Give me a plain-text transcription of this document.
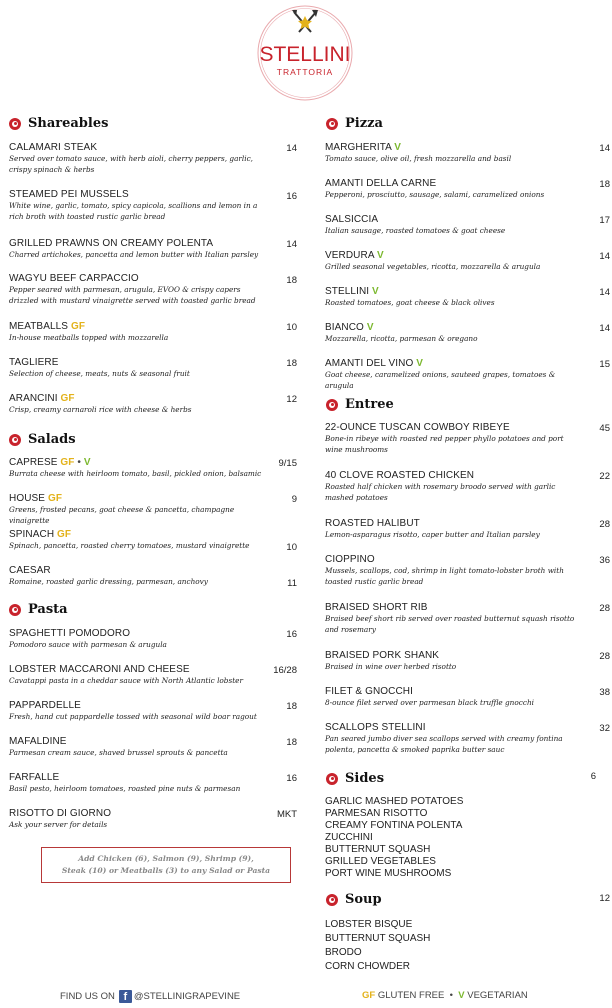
STELLINI
TRATTORIA
Shareables
CALAMARI STEAK
Served over tomato sauce, with herb aioli, cherry peppers, garlic, crispy spinach & herbs
14
STEAMED PEI MUSSELS
White wine, garlic, tomato, spicy capicola, scallions and lemon in a rich broth with toasted rustic garlic bread
16
GRILLED PRAWNS ON CREAMY POLENTA
Charred artichokes, pancetta and lemon butter with Italian parsley
14
WAGYU BEEF CARPACCIO
Pepper seared with parmesan, arugula, EVOO & crispy capers drizzled with mustard vinaigrette served with toasted garlic bread
18
MEATBALLS GF
In-house meatballs topped with mozzarella
10
TAGLIERE
Selection of cheese, meats, nuts & seasonal fruit
18
ARANCINI GF
Crisp, creamy carnaroli rice with cheese & herbs
12
Salads
CAPRESE GF • V
Burrata cheese with heirloom tomato, basil, pickled onion, balsamic
9/15
HOUSE GF
Greens, frosted pecans, goat cheese & pancetta, champagne vinaigrette
9
SPINACH GF
Spinach, pancetta, roasted cherry tomatoes, mustard vinaigrette	10
CAESAR
Romaine, roasted garlic dressing, parmesan, anchovy	11
Pasta
SPAGHETTI POMODORO
Pomodoro sauce with parmesan & arugula
16
LOBSTER MACCARONI AND CHEESE
Cavatappi pasta in a cheddar sauce with North Atlantic lobster
16/28
PAPPARDELLE
Fresh, hand cut pappardelle tossed with seasonal wild boar ragout
18
MAFALDINE
Parmesan cream sauce, shaved brussel sprouts & pancetta
18
FARFALLE
Basil pesto, heirloom tomatoes, roasted pine nuts & parmesan
16
RISOTTO DI GIORNO
Ask your server for details
MKT
Add Chicken (6), Salmon (9), Shrimp (9),
Steak (10) or Meatballs (3) to any Salad or Pasta
Pizza
MARGHERITA V
Tomato sauce, olive oil, fresh mozzarella and basil
14
AMANTI DELLA CARNE
Pepperoni, prosciutto, sausage, salami, caramelized onions
18
SALSICCIA
Italian sausage, roasted tomatoes & goat cheese
17
VERDURA V
Grilled seasonal vegetables, ricotta, mozzarella & arugula
14
STELLINI V
Roasted tomatoes, goat cheese & black olives
14
BIANCO V
Mozzarella, ricotta, parmesan & oregano
14
AMANTI DEL VINO V
Goat cheese, caramelized onions, sauteed grapes, tomatoes & arugula
15
Entree
22-OUNCE TUSCAN COWBOY RIBEYE
Bone-in ribeye with roasted red pepper phyllo potatoes and port wine mushrooms
45
40 CLOVE ROASTED CHICKEN
Roasted half chicken with rosemary broodo served with garlic mashed potatoes
22
ROASTED HALIBUT
Lemon-asparagus risotto, caper butter and Italian parsley
28
CIOPPINO
Mussels, scallops, cod, shrimp in light tomato-lobster broth with toasted rustic garlic bread
36
BRAISED SHORT RIB
Braised beef short rib served over roasted butternut squash risotto and rosemary
28
BRAISED PORK SHANK
Braised in wine over herbed risotto
28
FILET & GNOCCHI
8-ounce filet served over parmesan black truffle gnocchi
38
SCALLOPS STELLINI
Pan seared jumbo diver sea scallops served with creamy fontina polenta, pancetta & smoked paprika butter sauc
32
Sides	6
GARLIC MASHED POTATOES
PARMESAN RISOTTO
CREAMY FONTINA POLENTA
ZUCCHINI
BUTTERNUT SQUASH
GRILLED VEGETABLES
PORT WINE MUSHROOMS
Soup	12
LOBSTER BISQUE
BUTTERNUT SQUASH
BRODO
CORN CHOWDER
FIND US ON f @STELLINIGRAPEVINE	GF
GLUTEN FREE
•
V
VEGETARIAN
